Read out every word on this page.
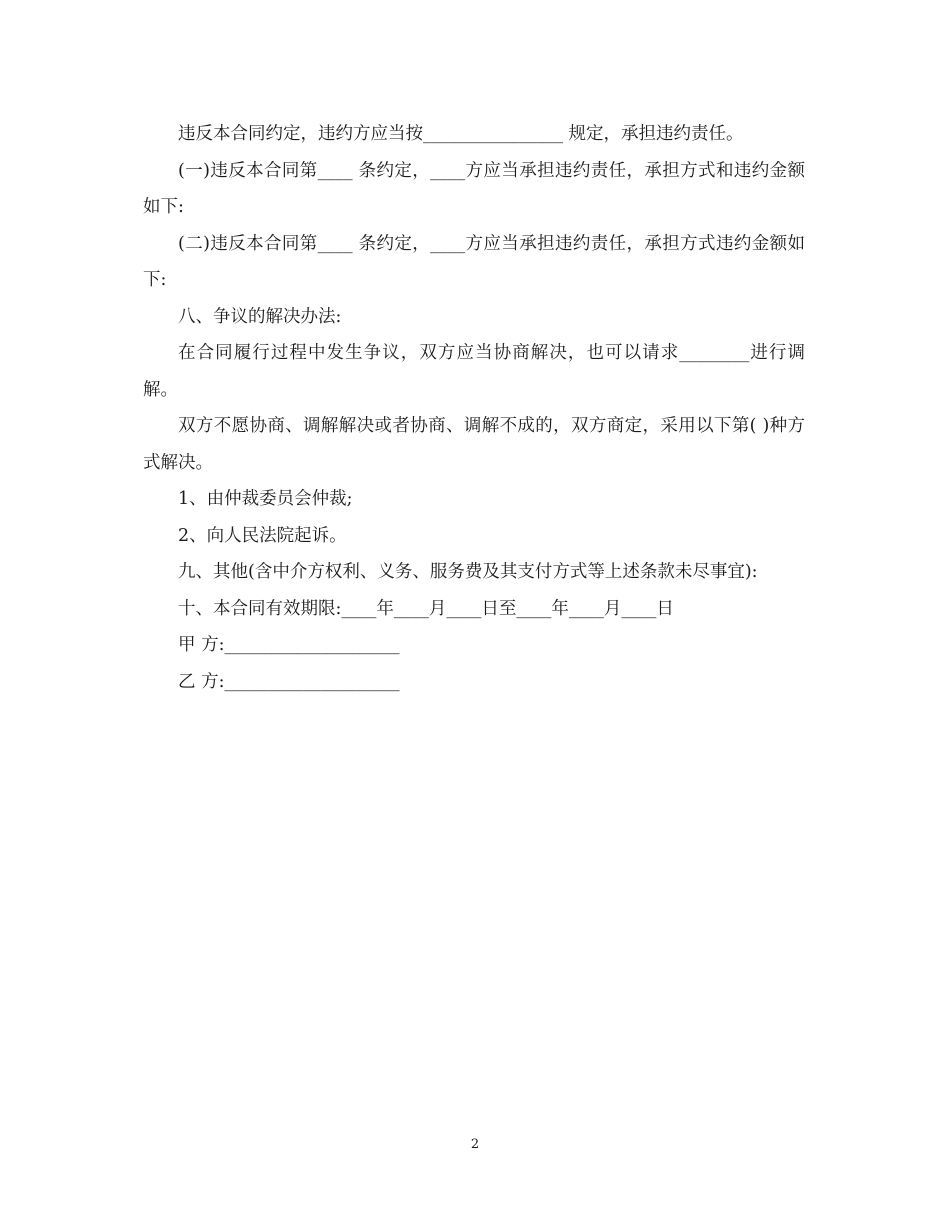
违反本合同约定，违约方应当按________________ 规定，承担违约责任。

(一)违反本合同第____ 条约定，____方应当承担违约责任，承担方式和违约金额如下:

(二)违反本合同第____ 条约定，____方应当承担违约责任，承担方式违约金额如下:

八、争议的解决办法:

在合同履行过程中发生争议，双方应当协商解决，也可以请求________进行调解。

双方不愿协商、调解解决或者协商、调解不成的，双方商定，采用以下第( )种方式解决。

1、由仲裁委员会仲裁;

2、向人民法院起诉。

九、其他(含中介方权利、义务、服务费及其支付方式等上述条款未尽事宜):

十、本合同有效期限:____年____月____日至____年____月____日

甲 方:____________________

乙 方:____________________

2
